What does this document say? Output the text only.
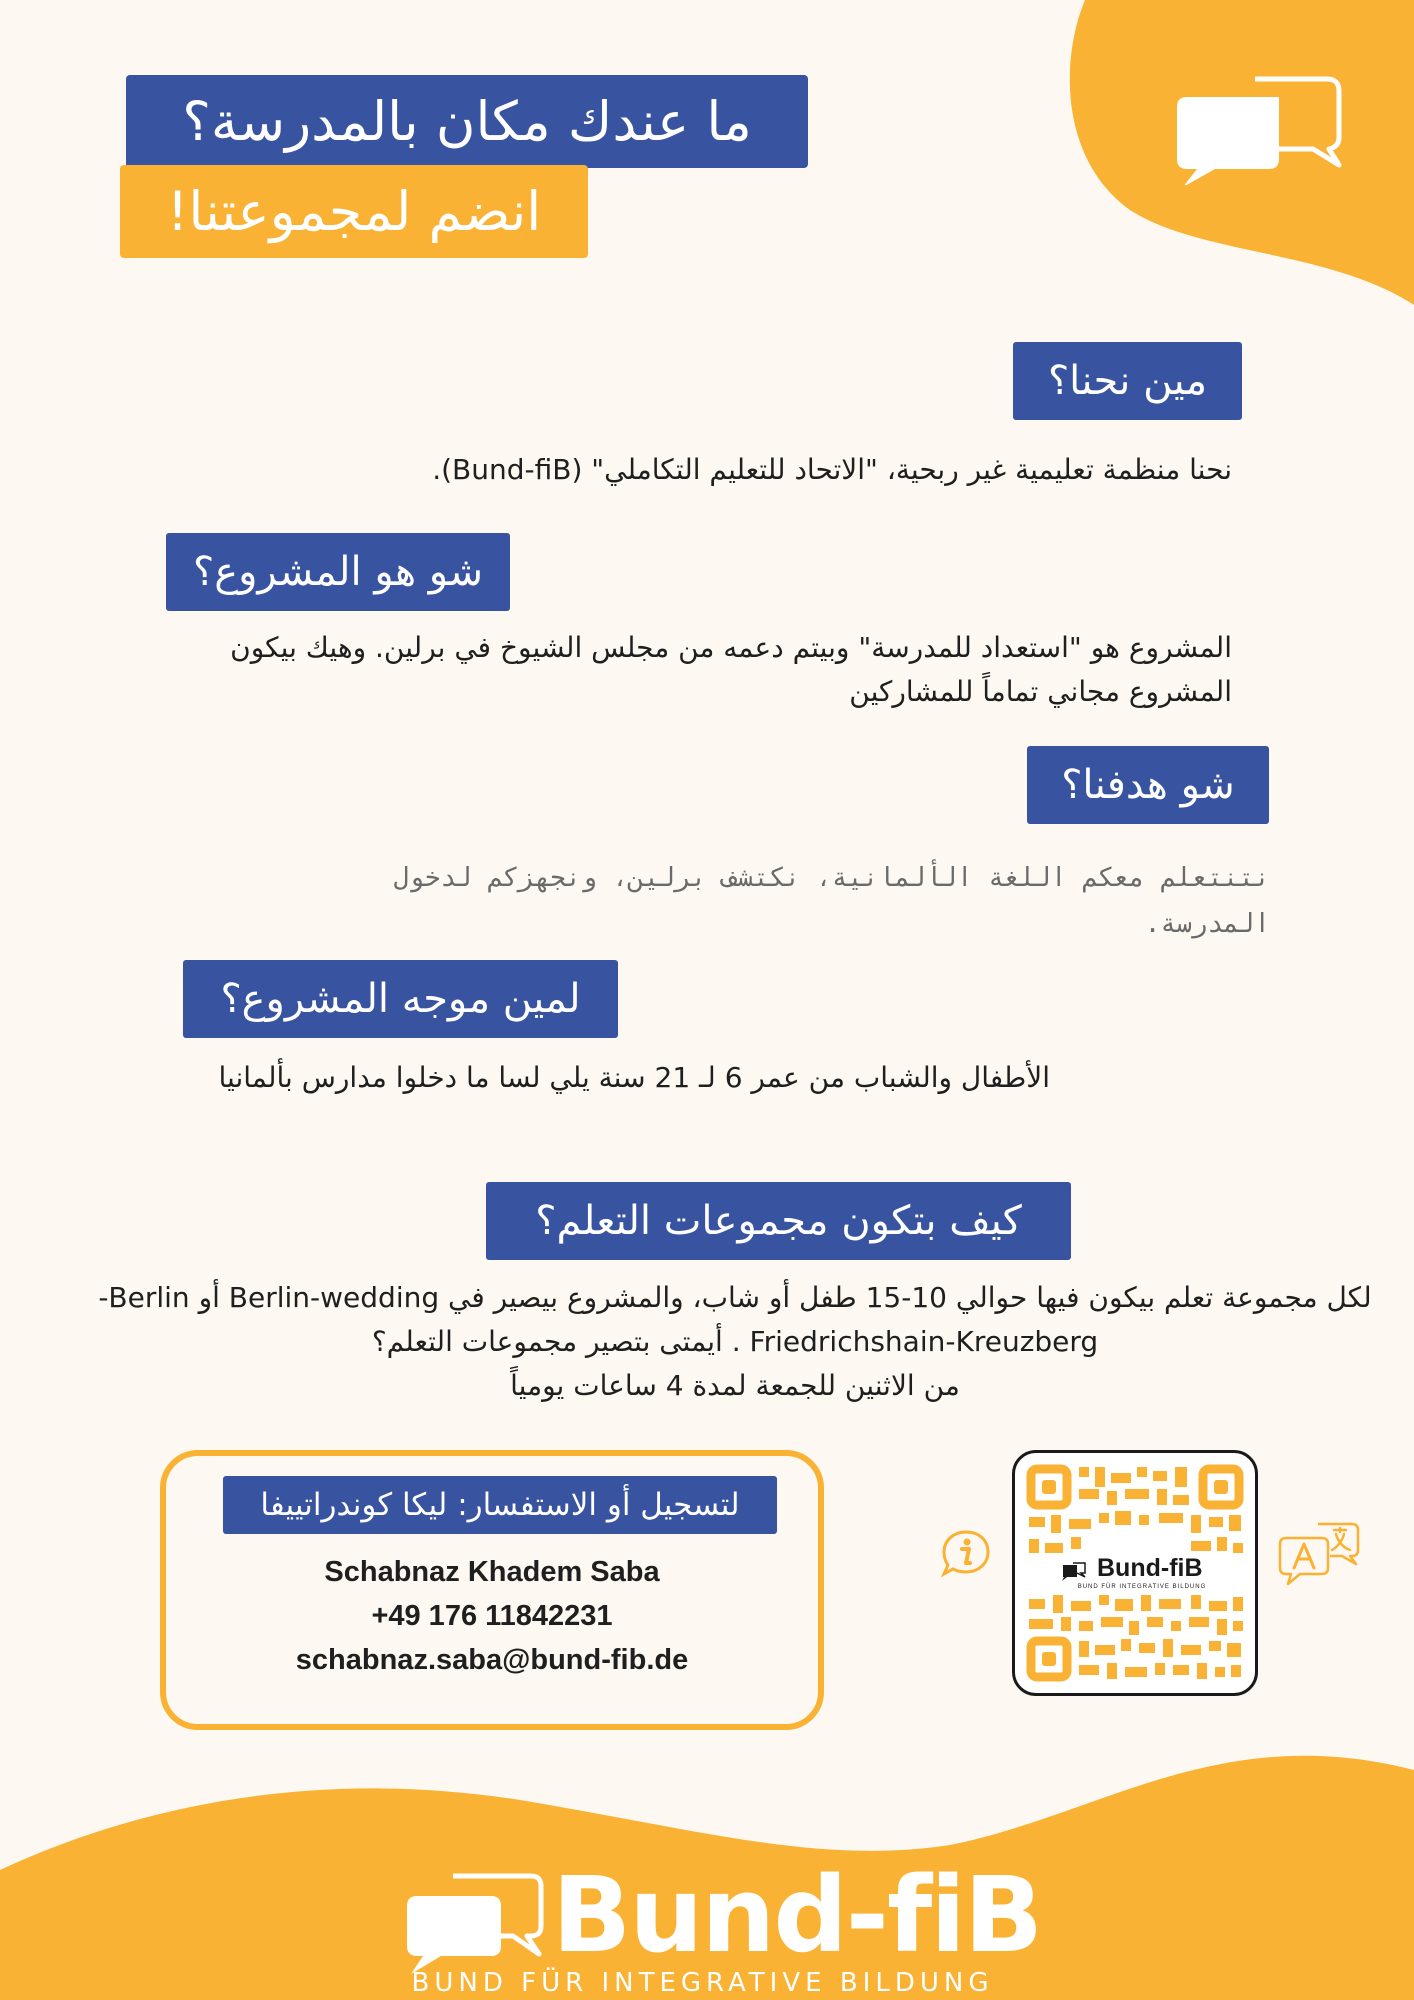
ما عندك مكان بالمدرسة؟
انضم لمجموعتنا!
مين نحنا؟
نحنا منظمة تعليمية غير ربحية، "الاتحاد للتعليم التكاملي" (Bund-fiB).
شو هو المشروع؟
المشروع هو "استعداد للمدرسة" وبيتم دعمه من مجلس الشيوخ في برلين. وهيك بيكون المشروع مجاني تماماً للمشاركين
شو هدفنا؟
نتنتعلم معكم اللغة الألمانية، نكتشف برلين، ونجهزكم لدخول المدرسة.
لمين موجه المشروع؟
الأطفال والشباب من عمر 6 لـ 21 سنة يلي لسا ما دخلوا مدارس بألمانيا
كيف بتكون مجموعات التعلم؟
لكل مجموعة تعلم بيكون فيها حوالي 10-15 طفل أو شاب، والمشروع بيصير في Berlin-wedding أو Berlin-
Friedrichshain-Kreuzberg . أيمتى بتصير مجموعات التعلم؟
من الاثنين للجمعة لمدة 4 ساعات يومياً
لتسجيل أو الاستفسار: ليكا كوندراتييفا
Schabnaz Khadem Saba
+49 176 11842231
schabnaz.saba@bund-fib.de
Bund-fiB
BUND FÜR INTEGRATIVE BILDUNG
Bund-fiB
BUND FÜR INTEGRATIVE BILDUNG
